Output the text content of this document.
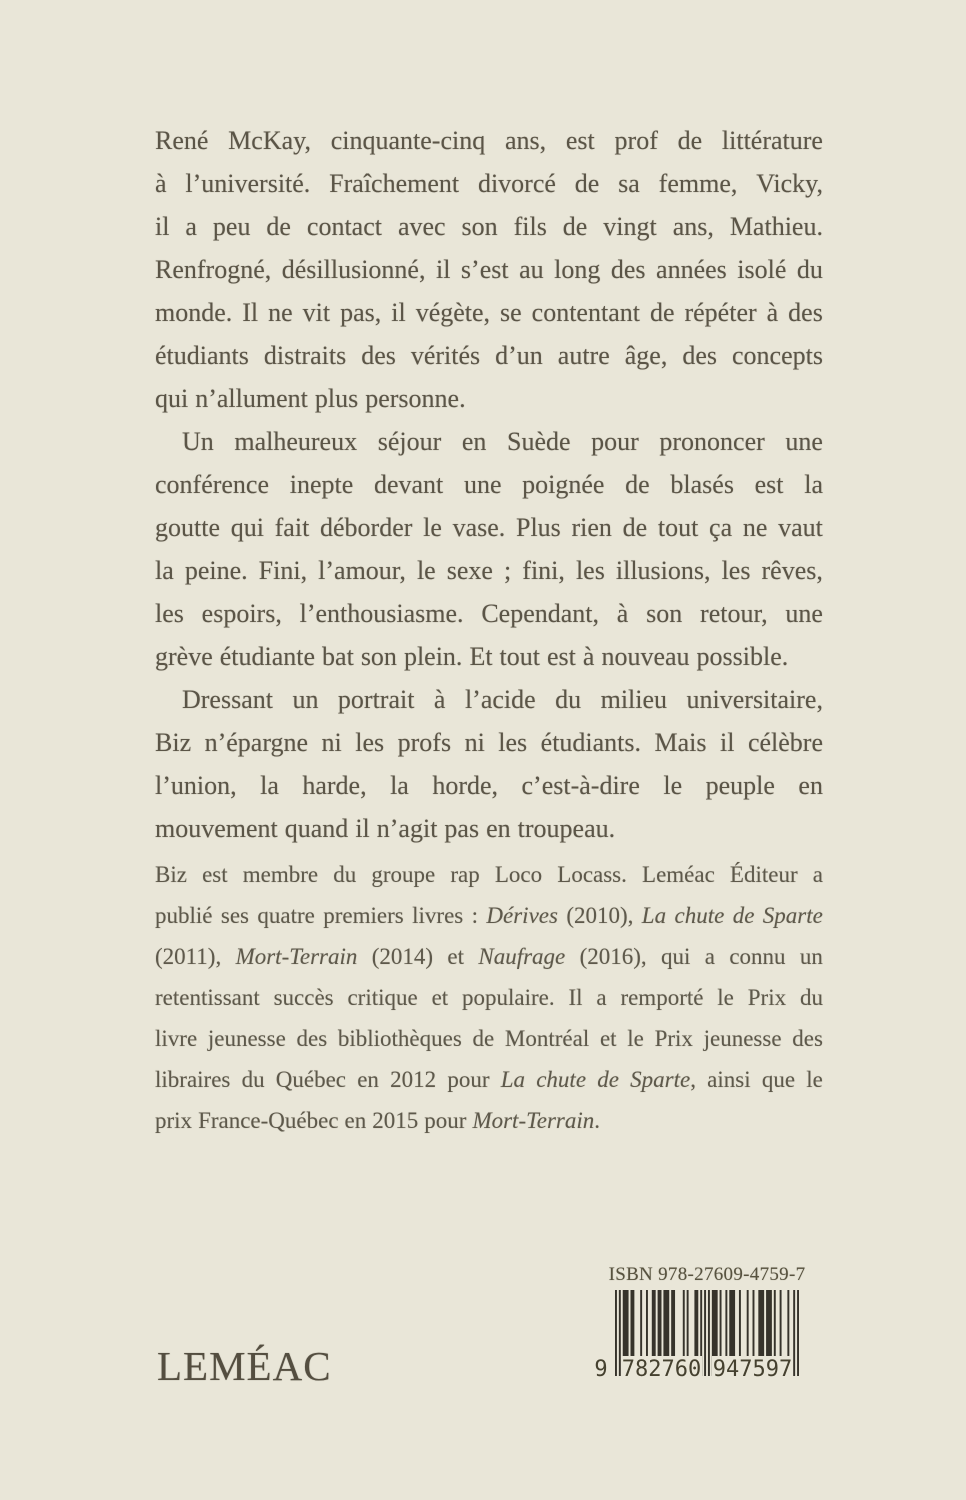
René McKay, cinquante-cinq ans, est prof de littérature
à l’université. Fraîchement divorcé de sa femme, Vicky,
il a peu de contact avec son fils de vingt ans, Mathieu.
Renfrogné, désillusionné, il s’est au long des années isolé du
monde. Il ne vit pas, il végète, se contentant de répéter à des
étudiants distraits des vérités d’un autre âge, des concepts
qui n’allument plus personne.
Un malheureux séjour en Suède pour prononcer une
conférence inepte devant une poignée de blasés est la
goutte qui fait déborder le vase. Plus rien de tout ça ne vaut
la peine. Fini, l’amour, le sexe ; fini, les illusions, les rêves,
les espoirs, l’enthousiasme. Cependant, à son retour, une
grève étudiante bat son plein. Et tout est à nouveau possible.
Dressant un portrait à l’acide du milieu universitaire,
Biz n’épargne ni les profs ni les étudiants. Mais il célèbre
l’union, la harde, la horde, c’est-à-dire le peuple en
mouvement quand il n’agit pas en troupeau.
Biz est membre du groupe rap Loco Locass. Leméac Éditeur a
publié ses quatre premiers livres : Dérives (2010), La chute de Sparte
(2011), Mort-Terrain (2014) et Naufrage (2016), qui a connu un
retentissant succès critique et populaire. Il a remporté le Prix du
livre jeunesse des bibliothèques de Montréal et le Prix jeunesse des
libraires du Québec en 2012 pour La chute de Sparte, ainsi que le
prix France-Québec en 2015 pour Mort-Terrain.
LEMÉAC
ISBN 978-27609-4759-7
9 782760 947597
